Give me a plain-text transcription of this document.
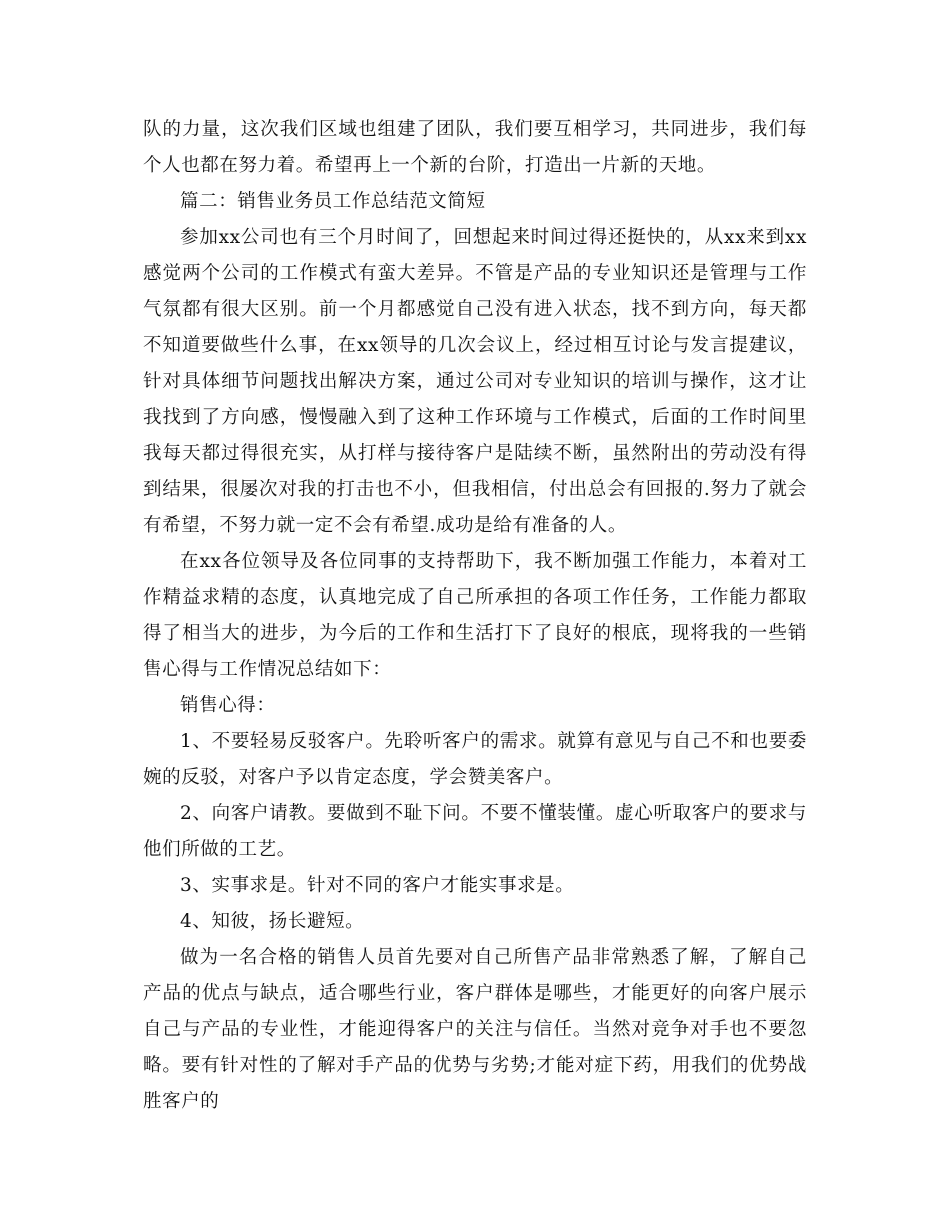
队的力量，这次我们区域也组建了团队，我们要互相学习，共同进步，我们每个人也都在努力着。希望再上一个新的台阶，打造出一片新的天地。

篇二：销售业务员工作总结范文简短

参加xx公司也有三个月时间了，回想起来时间过得还挺快的，从xx来到xx感觉两个公司的工作模式有蛮大差异。不管是产品的专业知识还是管理与工作气氛都有很大区别。前一个月都感觉自己没有进入状态，找不到方向，每天都不知道要做些什么事，在xx领导的几次会议上，经过相互讨论与发言提建议，针对具体细节问题找出解决方案，通过公司对专业知识的培训与操作，这才让我找到了方向感，慢慢融入到了这种工作环境与工作模式，后面的工作时间里我每天都过得很充实，从打样与接待客户是陆续不断，虽然附出的劳动没有得到结果，很屡次对我的打击也不小，但我相信，付出总会有回报的.努力了就会有希望，不努力就一定不会有希望.成功是给有准备的人。

在xx各位领导及各位同事的支持帮助下，我不断加强工作能力，本着对工作精益求精的态度，认真地完成了自己所承担的各项工作任务，工作能力都取得了相当大的进步，为今后的工作和生活打下了良好的根底，现将我的一些销售心得与工作情况总结如下：

销售心得：

1、不要轻易反驳客户。先聆听客户的需求。就算有意见与自己不和也要委婉的反驳，对客户予以肯定态度，学会赞美客户。

2、向客户请教。要做到不耻下问。不要不懂装懂。虚心听取客户的要求与他们所做的工艺。

3、实事求是。针对不同的客户才能实事求是。

4、知彼，扬长避短。

做为一名合格的销售人员首先要对自己所售产品非常熟悉了解，了解自己产品的优点与缺点，适合哪些行业，客户群体是哪些，才能更好的向客户展示自己与产品的专业性，才能迎得客户的关注与信任。当然对竞争对手也不要忽略。要有针对性的了解对手产品的优势与劣势;才能对症下药，用我们的优势战胜客户的
